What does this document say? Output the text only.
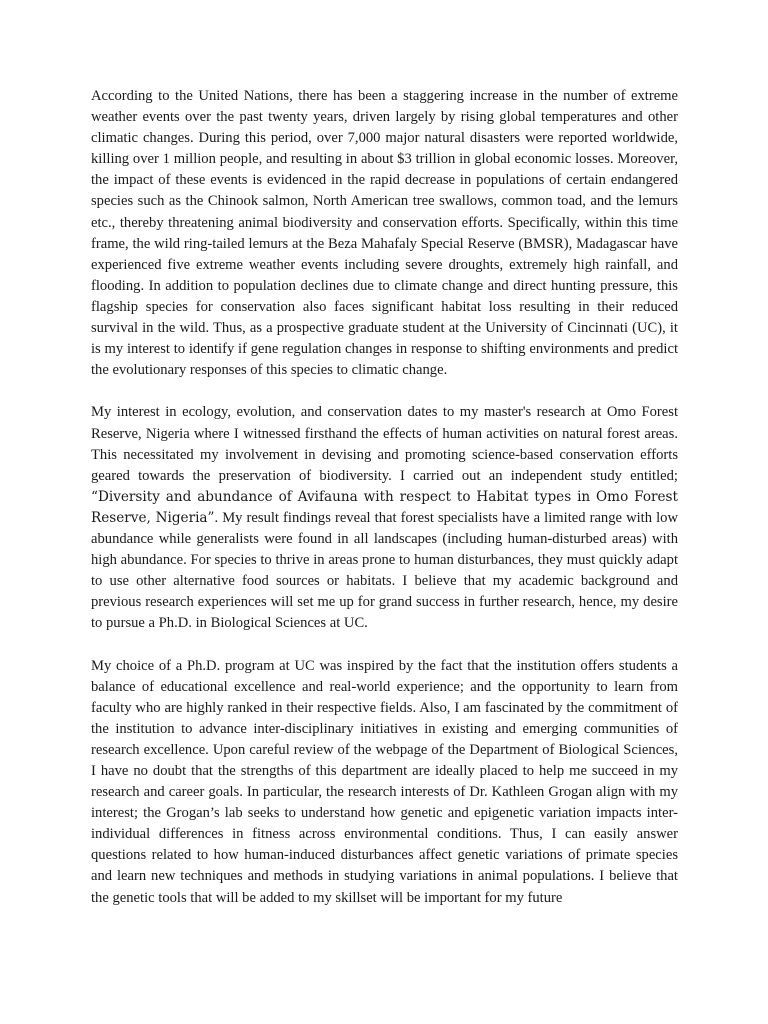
According to the United Nations, there has been a staggering increase in the number of extreme weather events over the past twenty years, driven largely by rising global temperatures and other climatic changes. During this period, over 7,000 major natural disasters were reported worldwide, killing over 1 million people, and resulting in about $3 trillion in global economic losses. Moreover, the impact of these events is evidenced in the rapid decrease in populations of certain endangered species such as the Chinook salmon, North American tree swallows, common toad, and the lemurs etc., thereby threatening animal biodiversity and conservation efforts. Specifically, within this time frame, the wild ring-tailed lemurs at the Beza Mahafaly Special Reserve (BMSR), Madagascar have experienced five extreme weather events including severe droughts, extremely high rainfall, and flooding. In addition to population declines due to climate change and direct hunting pressure, this flagship species for conservation also faces significant habitat loss resulting in their reduced survival in the wild. Thus, as a prospective graduate student at the University of Cincinnati (UC), it is my interest to identify if gene regulation changes in response to shifting environments and predict the evolutionary responses of this species to climatic change.

My interest in ecology, evolution, and conservation dates to my master's research at Omo Forest Reserve, Nigeria where I witnessed firsthand the effects of human activities on natural forest areas. This necessitated my involvement in devising and promoting science-based conservation efforts geared towards the preservation of biodiversity. I carried out an independent study entitled; “Diversity and abundance of Avifauna with respect to Habitat types in Omo Forest Reserve, Nigeria”. My result findings reveal that forest specialists have a limited range with low abundance while generalists were found in all landscapes (including human-disturbed areas) with high abundance. For species to thrive in areas prone to human disturbances, they must quickly adapt to use other alternative food sources or habitats. I believe that my academic background and previous research experiences will set me up for grand success in further research, hence, my desire to pursue a Ph.D. in Biological Sciences at UC.

My choice of a Ph.D. program at UC was inspired by the fact that the institution offers students a balance of educational excellence and real-world experience; and the opportunity to learn from faculty who are highly ranked in their respective fields. Also, I am fascinated by the commitment of the institution to advance inter-disciplinary initiatives in existing and emerging communities of research excellence. Upon careful review of the webpage of the Department of Biological Sciences, I have no doubt that the strengths of this department are ideally placed to help me succeed in my research and career goals. In particular, the research interests of Dr. Kathleen Grogan align with my interest; the Grogan’s lab seeks to understand how genetic and epigenetic variation impacts inter-individual differences in fitness across environmental conditions. Thus, I can easily answer questions related to how human-induced disturbances affect genetic variations of primate species and learn new techniques and methods in studying variations in animal populations. I believe that the genetic tools that will be added to my skillset will be important for my future
